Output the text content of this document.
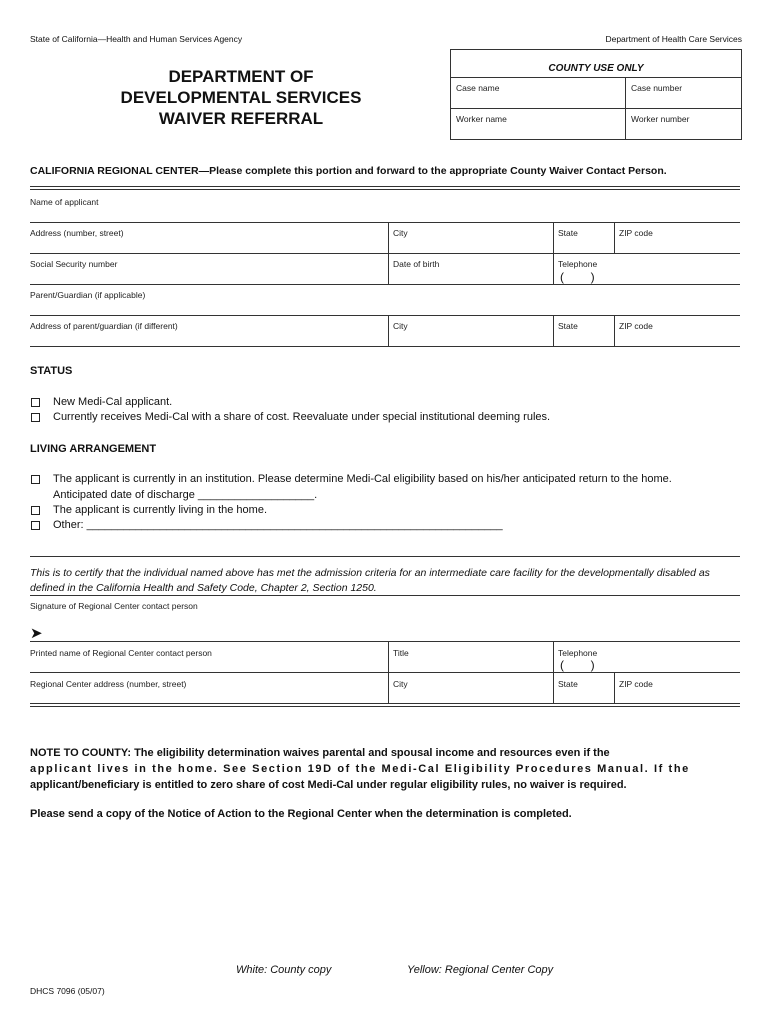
State of California—Health and Human Services Agency	Department of Health Care Services
DEPARTMENT OF
DEVELOPMENTAL SERVICES
WAIVER REFERRAL
COUNTY USE ONLY
Case name	Case number
Worker name	Worker number
CALIFORNIA REGIONAL CENTER—Please complete this portion and forward to the appropriate County Waiver Contact Person.
Name of applicant
Address (number, street)	City	State	ZIP code
Social Security number	Date of birth	Telephone
(        )
Parent/Guardian (if applicable)
Address of parent/guardian (if different)	City	State	ZIP code
STATUS
New Medi-Cal applicant.
Currently receives Medi-Cal with a share of cost. Reevaluate under special institutional deeming rules.
LIVING ARRANGEMENT
The applicant is currently in an institution. Please determine Medi-Cal eligibility based on his/her anticipated return to the home.
Anticipated date of discharge ___________________.
The applicant is currently living in the home.
Other: ____________________________________________________________________
This is to certify that the individual named above has met the admission criteria for an intermediate care facility for the developmentally disabled as defined in the California Health and Safety Code, Chapter 2, Section 1250.
Signature of Regional Center contact person
➤
Printed name of Regional Center contact person	Title	Telephone
(        )
Regional Center address (number, street)	City	State	ZIP code
NOTE TO COUNTY: The eligibility determination waives parental and spousal income and resources even if the
applicant lives in the home. See Section 19D of the Medi-Cal Eligibility Procedures Manual. If the
applicant/beneficiary is entitled to zero share of cost Medi-Cal under regular eligibility rules, no waiver is required.
Please send a copy of the Notice of Action to the Regional Center when the determination is completed.
White: County copy	Yellow: Regional Center Copy
DHCS 7096 (05/07)
